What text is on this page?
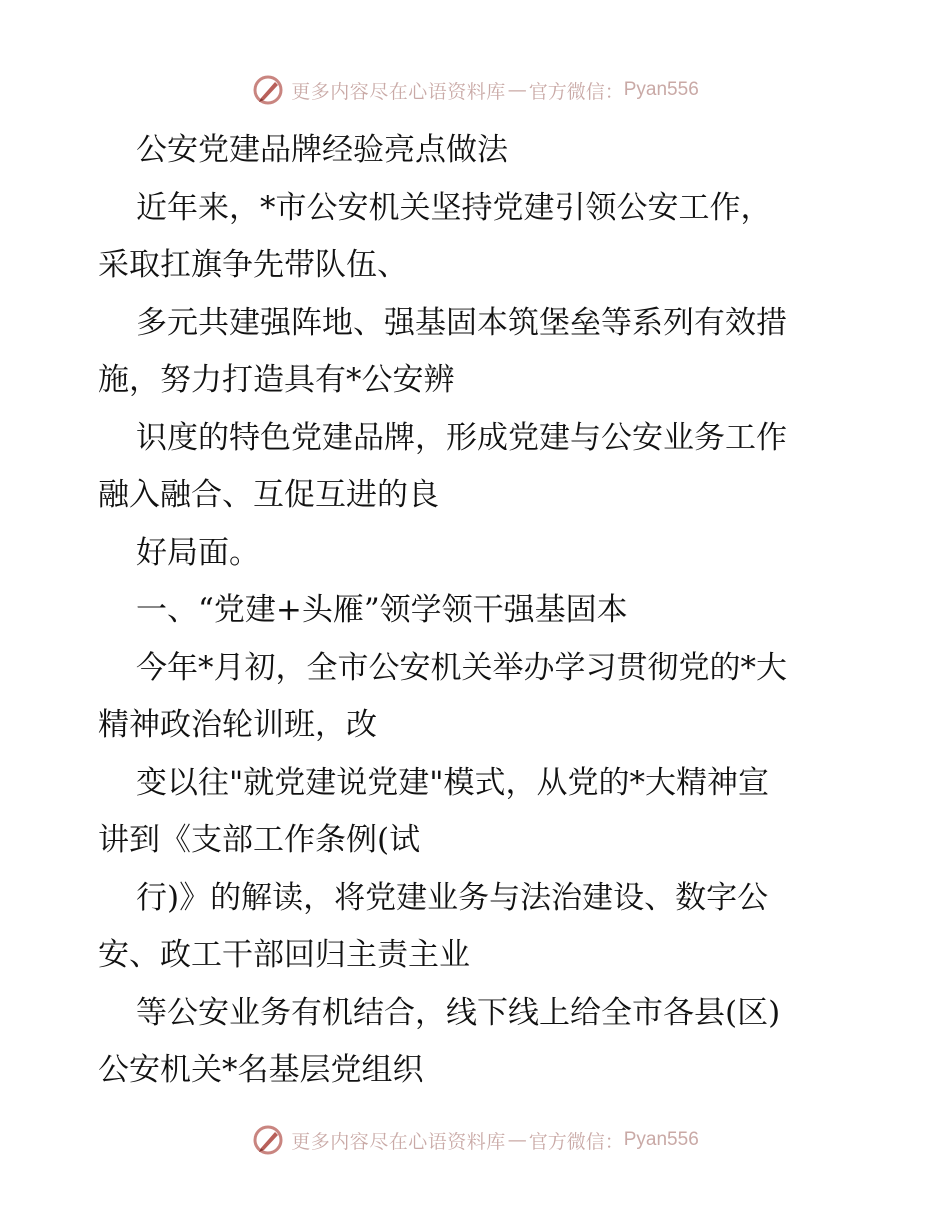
更多内容尽在心语资料库 — 官方微信： Pyan556
公安党建品牌经验亮点做法
近年来，*市公安机关坚持党建引领公安工作，
采取扛旗争先带队伍、
多元共建强阵地、强基固本筑堡垒等系列有效措
施，努力打造具有*公安辨
识度的特色党建品牌，形成党建与公安业务工作
融入融合、互促互进的良
好局面。
一、“党建+头雁”领学领干强基固本
今年*月初，全市公安机关举办学习贯彻党的*大
精神政治轮训班，改
变以往"就党建说党建"模式，从党的*大精神宣
讲到《支部工作条例(试
行)》的解读，将党建业务与法治建设、数字公
安、政工干部回归主责主业
等公安业务有机结合，线下线上给全市各县(区)
公安机关*名基层党组织
更多内容尽在心语资料库 — 官方微信： Pyan556
